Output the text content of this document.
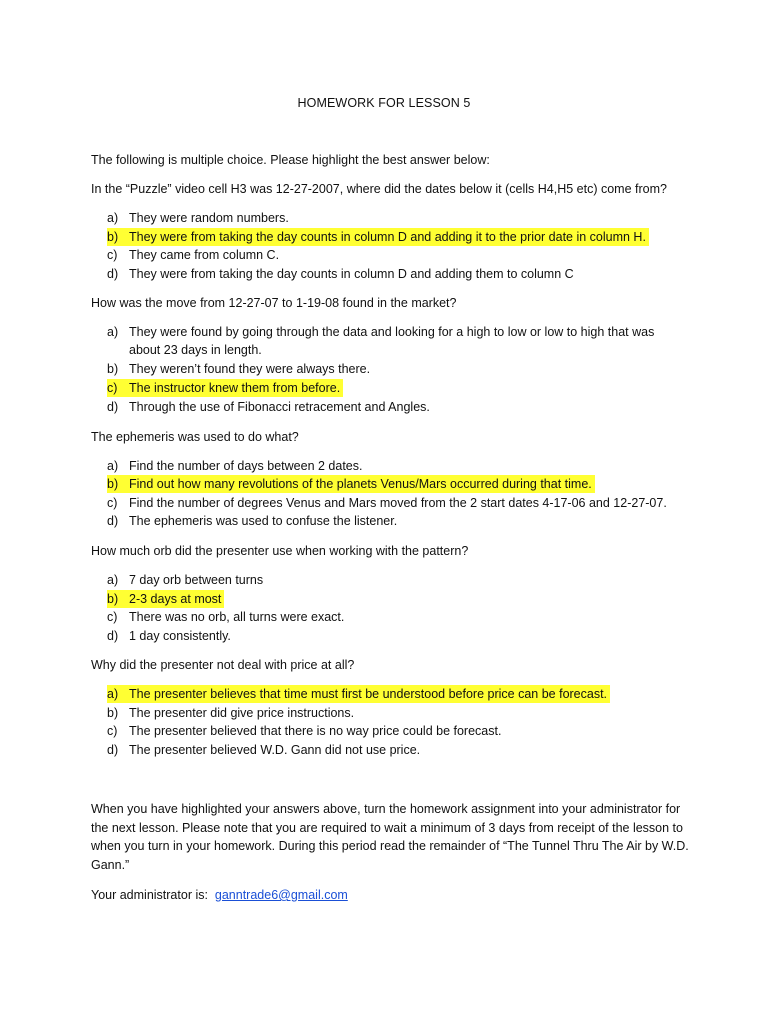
HOMEWORK FOR LESSON 5
The following is multiple choice. Please highlight the best answer below:
In the “Puzzle” video cell H3 was 12-27-2007, where did the dates below it (cells H4,H5 etc) come from?
a) They were random numbers.
b) They were from taking the day counts in column D and adding it to the prior date in column H.
c) They came from column C.
d) They were from taking the day counts in column D and adding them to column C
How was the move from 12-27-07 to 1-19-08 found in the market?
a) They were found by going through the data and looking for a high to low or low to high that was
about 23 days in length.
b) They weren’t found they were always there.
c) The instructor knew them from before.
d) Through the use of Fibonacci retracement and Angles.
The ephemeris was used to do what?
a) Find the number of days between 2 dates.
b) Find out how many revolutions of the planets Venus/Mars occurred during that time.
c) Find the number of degrees Venus and Mars moved from the 2 start dates 4-17-06 and 12-27-07.
d) The ephemeris was used to confuse the listener.
How much orb did the presenter use when working with the pattern?
a) 7 day orb between turns
b) 2-3 days at most
c) There was no orb, all turns were exact.
d) 1 day consistently.
Why did the presenter not deal with price at all?
a) The presenter believes that time must first be understood before price can be forecast.
b) The presenter did give price instructions.
c) The presenter believed that there is no way price could be forecast.
d) The presenter believed W.D. Gann did not use price.
When you have highlighted your answers above, turn the homework assignment into your administrator for the next lesson. Please note that you are required to wait a minimum of 3 days from receipt of the lesson to when you turn in your homework. During this period read the remainder of “The Tunnel Thru The Air by W.D. Gann.”
Your administrator is: ganntrade6@gmail.com
